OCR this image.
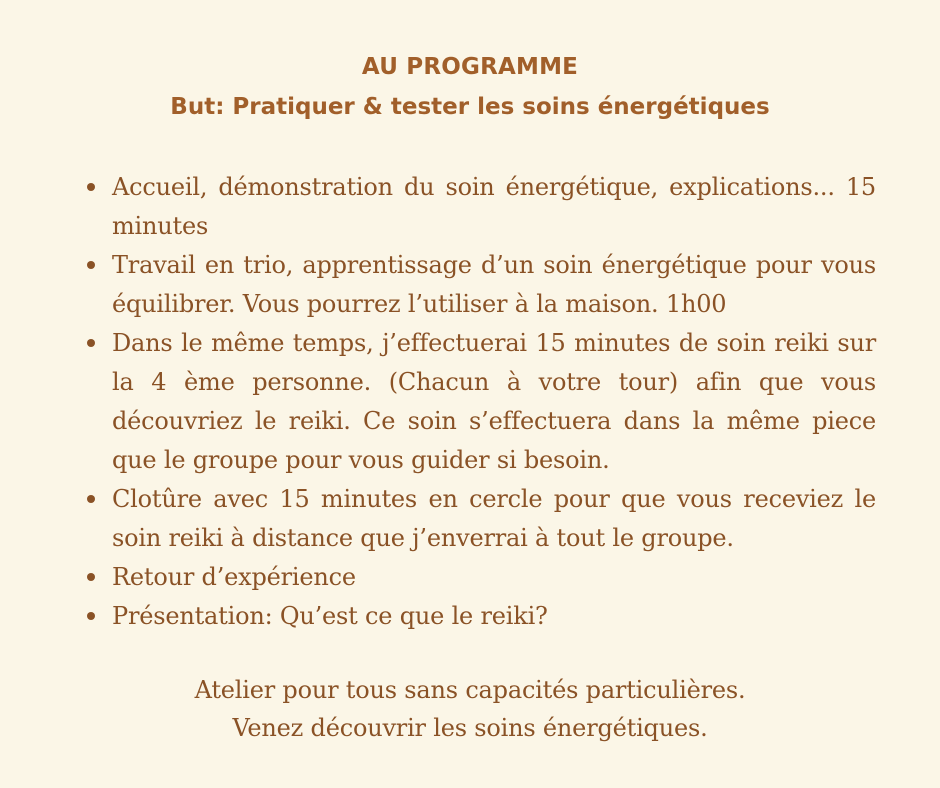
AU PROGRAMME
But: Pratiquer & tester les soins énergétiques
Accueil, démonstration du soin énergétique, explications... 15 minutes
Travail en trio, apprentissage d’un soin énergétique pour vous équilibrer. Vous pourrez l’utiliser à la maison. 1h00
Dans le même temps, j’effectuerai 15 minutes de soin reiki sur la 4 ème personne. (Chacun à votre tour) afin que vous découvriez le reiki. Ce soin s’effectuera dans la même piece que le groupe pour vous guider si besoin.
Clotûre avec 15 minutes en cercle pour que vous receviez le soin reiki à distance que j’enverrai à tout le groupe.
Retour d’expérience
Présentation: Qu’est ce que le reiki?
Atelier pour tous sans capacités particulières.
Venez découvrir les soins énergétiques.
